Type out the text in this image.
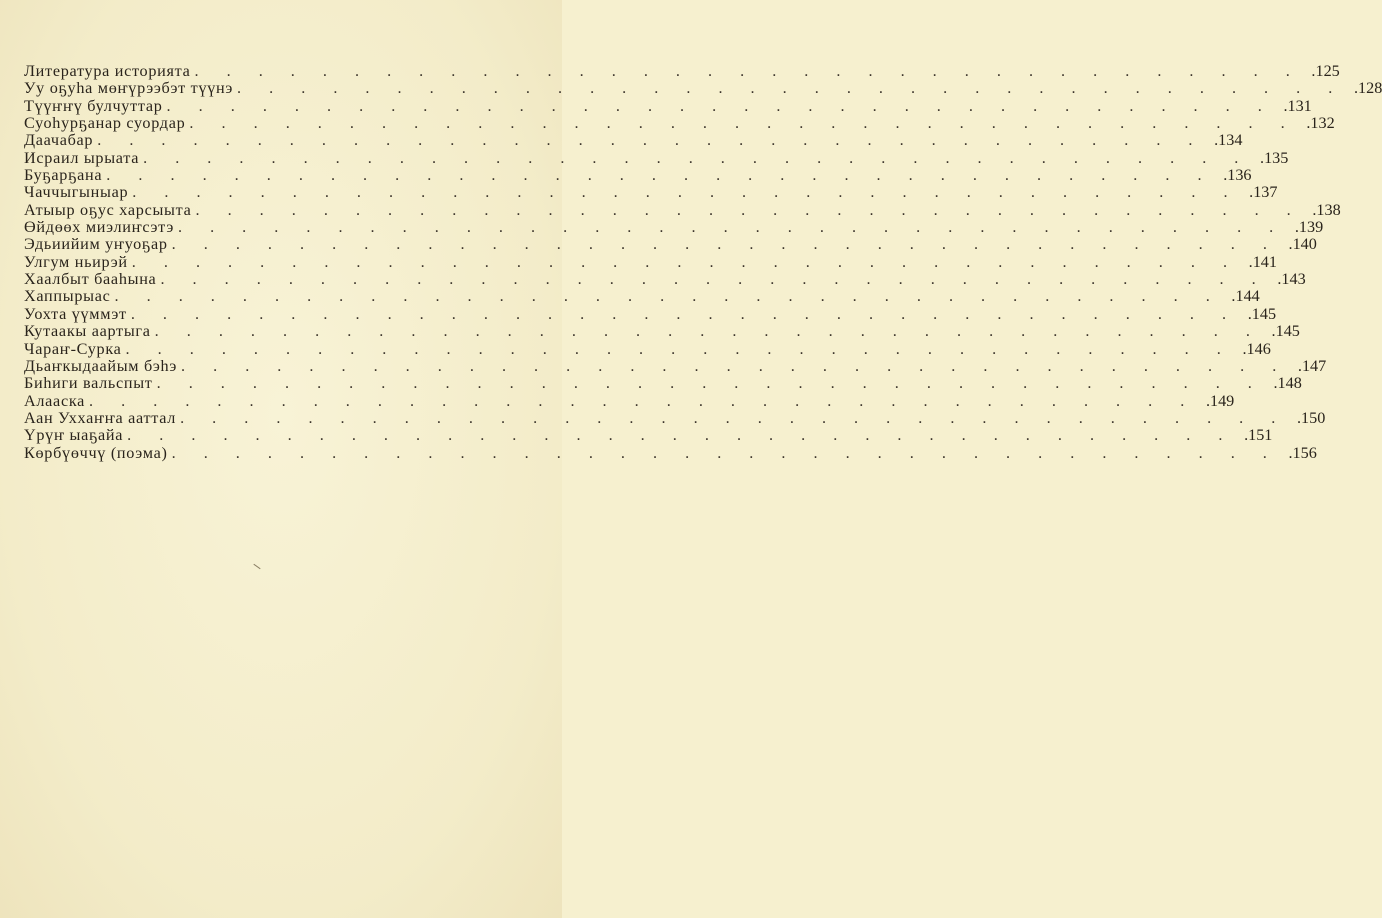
Литература историята . . . . . . . . . . . . . . . . . . . . . . . . . . . . . . . . . . . .125
Уу оҕуһа мөҥүрээбэт түүнэ . . . . . . . . . . . . . . . . . . . . . . . . . . . . . . . . . . . .128
Түүҥҥү булчуттар . . . . . . . . . . . . . . . . . . . . . . . . . . . . . . . . . . . .131
Суоһурҕанар суордар . . . . . . . . . . . . . . . . . . . . . . . . . . . . . . . . . . . .132
Даачабар . . . . . . . . . . . . . . . . . . . . . . . . . . . . . . . . . . . .134
Исраил ырыата . . . . . . . . . . . . . . . . . . . . . . . . . . . . . . . . . . . .135
Буҕарҕана . . . . . . . . . . . . . . . . . . . . . . . . . . . . . . . . . . . .136
Чаччыгыныар . . . . . . . . . . . . . . . . . . . . . . . . . . . . . . . . . . . .137
Атыыр оҕус харсыыта . . . . . . . . . . . . . . . . . . . . . . . . . . . . . . . . . . . .138
Өйдөөх миэлиҥсэтэ . . . . . . . . . . . . . . . . . . . . . . . . . . . . . . . . . . . .139
Эдьиийим уҥуоҕар . . . . . . . . . . . . . . . . . . . . . . . . . . . . . . . . . . . .140
Улгум ньирэй . . . . . . . . . . . . . . . . . . . . . . . . . . . . . . . . . . . .141
Хаалбыт бааһына . . . . . . . . . . . . . . . . . . . . . . . . . . . . . . . . . . . .143
Хаппырыас . . . . . . . . . . . . . . . . . . . . . . . . . . . . . . . . . . . .144
Уохта үүммэт . . . . . . . . . . . . . . . . . . . . . . . . . . . . . . . . . . . .145
Кутаакы аартыга . . . . . . . . . . . . . . . . . . . . . . . . . . . . . . . . . . . .145
Чараҥ-Сурка . . . . . . . . . . . . . . . . . . . . . . . . . . . . . . . . . . . .146
Дьаҥкыдаайым бэһэ . . . . . . . . . . . . . . . . . . . . . . . . . . . . . . . . . . . .147
Биһиги вальспыт . . . . . . . . . . . . . . . . . . . . . . . . . . . . . . . . . . . .148
Алааска . . . . . . . . . . . . . . . . . . . . . . . . . . . . . . . . . . . .149
Аан Уххаҥҥа ааттал . . . . . . . . . . . . . . . . . . . . . . . . . . . . . . . . . . . .150
Үрүҥ ыаҕайа . . . . . . . . . . . . . . . . . . . . . . . . . . . . . . . . . . . .151
Көрбүөччү (поэма) . . . . . . . . . . . . . . . . . . . . . . . . . . . . . . . . . . . .156
